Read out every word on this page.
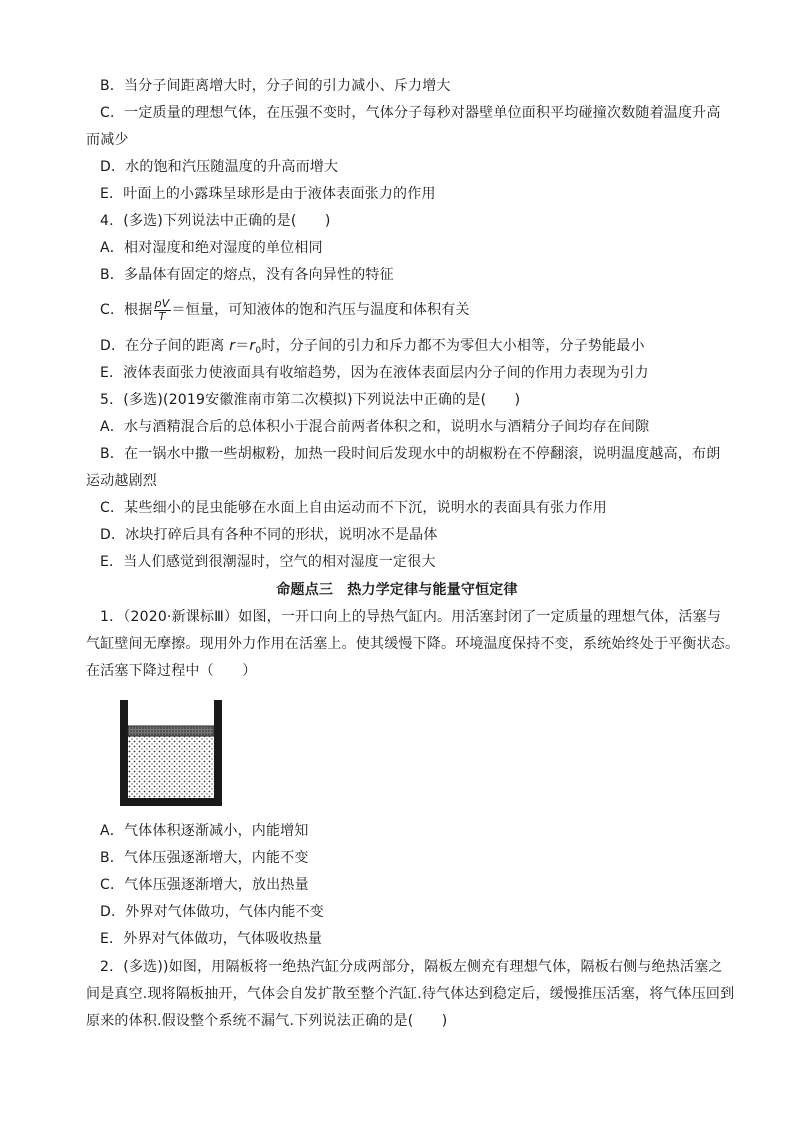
B．当分子间距离增大时，分子间的引力减小、斥力增大
C．一定质量的理想气体，在压强不变时，气体分子每秒对器壁单位面积平均碰撞次数随着温度升高
而减少
D．水的饱和汽压随温度的升高而增大
E．叶面上的小露珠呈球形是由于液体表面张力的作用
4．(多选)下列说法中正确的是(　　)
A．相对湿度和绝对湿度的单位相同
B．多晶体有固定的熔点，没有各向异性的特征
C．根据 $\frac{pV}{T}$ ＝恒量，可知液体的饱和汽压与温度和体积有关
D．在分子间的距离 $r=r_0$时，分子间的引力和斥力都不为零但大小相等，分子势能最小
E．液体表面张力使液面具有收缩趋势，因为在液体表面层内分子间的作用力表现为引力
5．(多选)(2019安徽淮南市第二次模拟)下列说法中正确的是(　　)
A．水与酒精混合后的总体积小于混合前两者体积之和，说明水与酒精分子间均存在间隙
B．在一锅水中撒一些胡椒粉，加热一段时间后发现水中的胡椒粉在不停翻滚，说明温度越高，布朗
运动越剧烈
C．某些细小的昆虫能够在水面上自由运动而不下沉，说明水的表面具有张力作用
D．冰块打碎后具有各种不同的形状，说明冰不是晶体
E．当人们感觉到很潮湿时，空气的相对湿度一定很大
命题点三　热力学定律与能量守恒定律
1．（2020·新课标Ⅲ）如图，一开口向上的导热气缸内。用活塞封闭了一定质量的理想气体，活塞与
气缸壁间无摩擦。现用外力作用在活塞上。使其缓慢下降。环境温度保持不变，系统始终处于平衡状态。
在活塞下降过程中（　　）
A．气体体积逐渐减小，内能增知
B．气体压强逐渐增大，内能不变
C．气体压强逐渐增大，放出热量
D．外界对气体做功，气体内能不变
E．外界对气体做功，气体吸收热量
2．(多选))如图，用隔板将一绝热汽缸分成两部分，隔板左侧充有理想气体，隔板右侧与绝热活塞之
间是真空.现将隔板抽开，气体会自发扩散至整个汽缸.待气体达到稳定后，缓慢推压活塞，将气体压回到
原来的体积.假设整个系统不漏气.下列说法正确的是(　　)
